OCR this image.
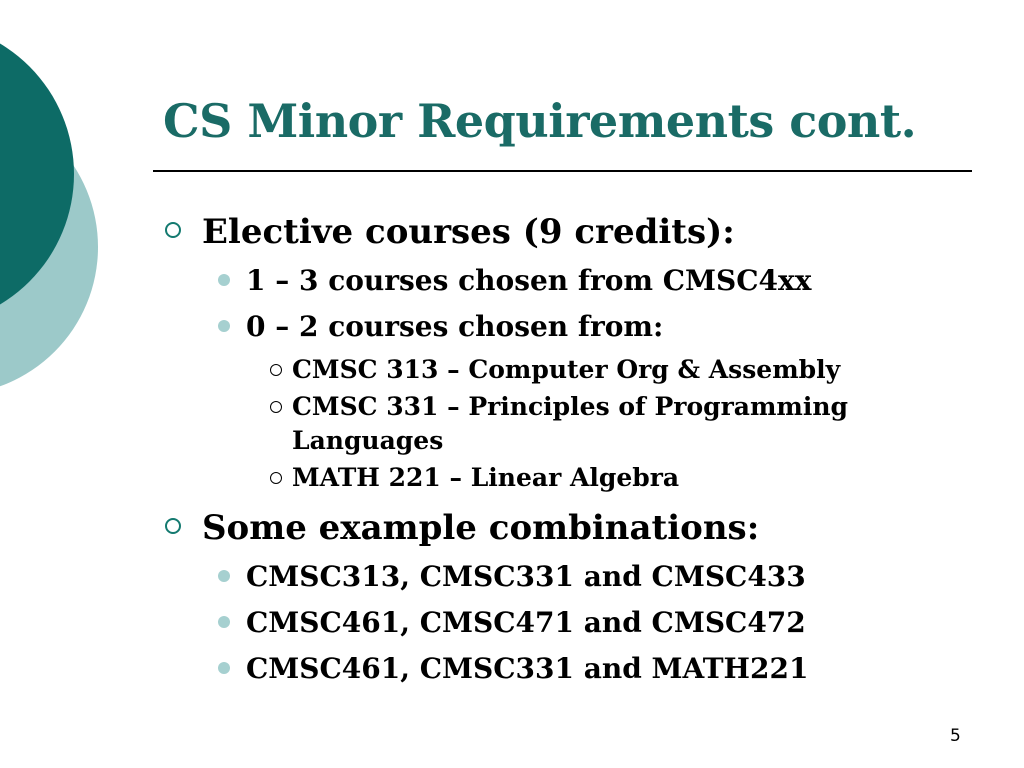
CS Minor Requirements cont.
Elective courses (9 credits):
1 – 3 courses chosen from CMSC4xx
0 – 2 courses chosen from:
CMSC 313 – Computer Org & Assembly
CMSC 331 – Principles of Programming
Languages
MATH 221 – Linear Algebra
Some example combinations:
CMSC313, CMSC331 and CMSC433
CMSC461, CMSC471 and CMSC472
CMSC461, CMSC331 and MATH221
5
